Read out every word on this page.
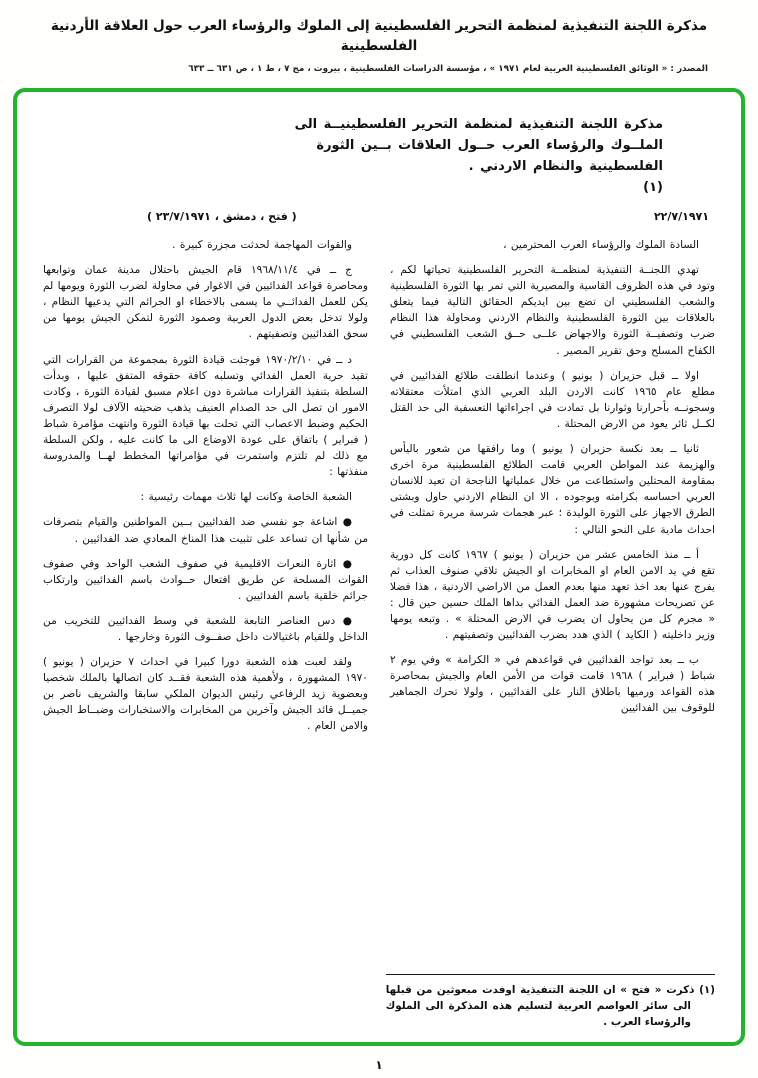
مذكرة اللجنة التنفيذية لمنظمة التحرير الفلسطينية إلى الملوك والرؤساء العرب حول العلاقة الأردنية الفلسطينية
المصدر : « الوثائق الفلسطينية العربية لعام ١٩٧١ » ، مؤسسة الدراسات الفلسطينية ، بيروت ، مج ٧ ، ط ١ ، ص ٦٣١ ــ ٦٣٣
مذكرة اللجنة التنفيذية لمنظمة التحرير الفلسطينيــة الى
الملــوك والرؤساء العرب حــول العلاقات بــين الثورة
الفلسطينية والنظام الاردني .
(١)
٢٢/٧/١٩٧١
( فتح ، دمشق ، ٢٣/٧/١٩٧١ )

السادة الملوك والرؤساء العرب المحترمين ،

تهدي اللجنــة التنفيذية لمنظمــة التحرير الفلسطينية تحياتها لكم ، وتود في هذه الظروف القاسية والمصيرية التي تمر بها الثورة الفلسطينية والشعب الفلسطيني ان تضع بين ايديكم الحقائق التالية فيما يتعلق بالعلاقات بين الثورة الفلسطينية والنظام الاردني ومحاولة هذا النظام ضرب وتصفيــة الثورة والاجهاض علــى حــق الشعب الفلسطيني في الكفاح المسلح وحق تقرير المصير .

اولا ــ قبل حزيران ( يونيو ) وعندما انطلقت طلائع الفدائيين في مطلع عام ١٩٦٥ كانت الاردن البلد العربي الذي امتلأت معتقلاته وسجونــه بأحرارنا وثوارنا بل تمادت في اجراءاتها التعسفية الى حد القتل لكــل ثائر يعود من الارض المحتلة .

ثانيا ــ بعد نكسة حزيران ( يونيو ) وما رافقها من شعور باليأس والهزيمة عند المواطن العربي قامت الطلائع الفلسطينية مرة اخرى بمقاومة المحتلين واستطاعت من خلال عملياتها الناجحة ان تعيد للانسان العربي احساسه بكرامته وبوجوده ، الا ان النظام الاردني حاول وبشتى الطرق الاجهاز على الثورة الوليدة ؛ عبر هجمات شرسة مريرة تمثلت في احداث مادية على النحو التالي :

أ ــ منذ الخامس عشر من حزيران ( يونيو ) ١٩٦٧ كانت كل دورية تقع في يد الامن العام او المخابرات او الجيش تلاقي صنوف العذاب ثم يفرج عنها بعد اخذ تعهد منها بعدم العمل من الاراضي الاردنية ، هذا فضلا عن تصريحات مشهورة ضد العمل الفدائي بداها الملك حسين حين قال : « مجرم كل من يحاول ان يضرب في الارض المحتلة » . وتبعه يومها وزير داخليته ( الكايد ) الذي هدد بضرب الفدائيين وتصفيتهم .

ب ــ بعد تواجد الفدائيين في قواعدهم في « الكرامة » وفي يوم ٢ شباط ( فبراير ) ١٩٦٨ قامت قوات من الأمن العام والجيش بمحاصرة هذه القواعد ورميها باطلاق النار على الفدائيين ، ولولا تحرك الجماهير للوقوف بين الفدائيين

والقوات المهاجمة لحدثت مجزرة كبيرة .

ج ــ في ١٩٦٨/١١/٤ قام الجيش باحتلال مدينة عمان وتوابعها ومحاصرة قواعد الفدائيين في الاغوار في محاولة لضرب الثورة ويومها لم يكن للعمل الفدائــي ما يسمى بالاخطاء او الجرائم التي يدعيها النظام ، ولولا تدخل بعض الدول العربية وصمود الثورة لتمكن الجيش يومها من سحق الفدائيين وتصفيتهم .

د ــ في ١٩٧٠/٢/١٠ فوجئت قيادة الثورة بمجموعة من القرارات التي تقيد حرية العمل الفدائي وتسلبه كافة حقوقه المتفق عليها ، وبدأت السلطة بتنفيذ القرارات مباشرة دون اعلام مسبق لقيادة الثورة ، وكادت الامور ان تصل الى حد الصدام العنيف يذهب ضحيته الآلاف لولا التصرف الحكيم وضبط الاعصاب التي تحلت بها قيادة الثورة وانتهت مؤامرة شباط ( فبراير ) باتفاق على عودة الاوضاع الى ما كانت عليه ، ولكن السلطة مع ذلك لم تلتزم واستمرت في مؤامراتها المخطط لهــا والمدروسة منفذتها :

الشعبة الخاصة وكانت لها ثلاث مهمات رئيسية :

● اشاعة جو نفسي ضد الفدائيين بــين المواطنين والقيام بتصرفات من شأنها ان تساعد على تثبيت هذا المناخ المعادي ضد الفدائيين .

● اثارة النعرات الاقليمية في صفوف الشعب الواحد وفي صفوف القوات المسلحة عن طريق افتعال حــوادث باسم الفدائيين وارتكاب جرائم خلقية باسم الفدائيين .

● دس العناصر التابعة للشعبة في وسط الفدائيين للتخريب من الداخل وللقيام باغتيالات داخل صفــوف الثورة وخارجها .

ولقد لعبت هذه الشعبة دورا كبيرا في احداث ٧ حزيران ( يونيو ) ١٩٧٠ المشهورة ، ولأهمية هذه الشعبة فقــد كان اتصالها بالملك شخصيا وبعضوية زيد الرفاعي رئيس الديوان الملكي سابقا والشريف ناصر بن جميــل قائد الجيش وآخرين من المخابرات والاستخبارات وضبــاط الجيش والامن العام .

(١) ذكرت « فتح » ان اللجنة التنفيذية اوفدت مبعوثين من قبلها الى سائر العواصم العربية لتسليم هذه المذكرة الى الملوك والرؤساء العرب .
١
